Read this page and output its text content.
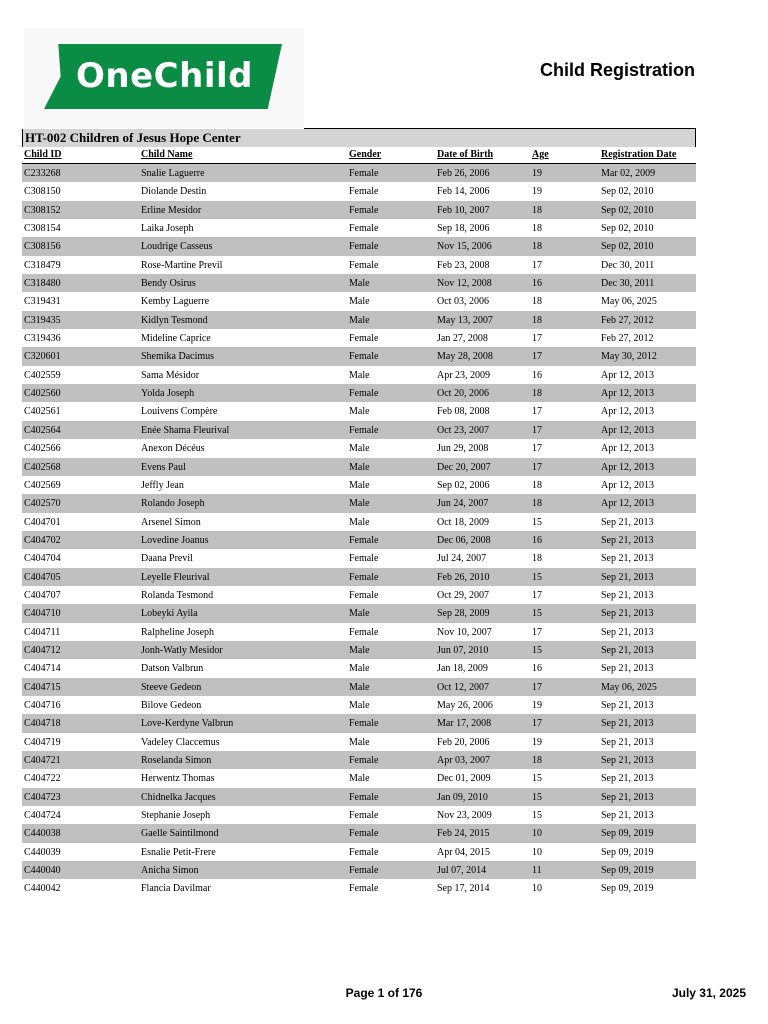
OneChild	Child Registration
HT-002 Children of Jesus Hope Center
Child ID	Child Name	Gender	Date of Birth	Age	Registration Date
C233268	Snalie Laguerre	Female	Feb 26, 2006	19	Mar 02, 2009
C308150	Diolande Destin	Female	Feb 14, 2006	19	Sep 02, 2010
C308152	Erline Mesidor	Female	Feb 10, 2007	18	Sep 02, 2010
C308154	Laika Joseph	Female	Sep 18, 2006	18	Sep 02, 2010
C308156	Loudrige Casseus	Female	Nov 15, 2006	18	Sep 02, 2010
C318479	Rose-Martine Previl	Female	Feb 23, 2008	17	Dec 30, 2011
C318480	Bendy Osirus	Male	Nov 12, 2008	16	Dec 30, 2011
C319431	Kemby Laguerre	Male	Oct 03, 2006	18	May 06, 2025
C319435	Kidlyn Tesmond	Male	May 13, 2007	18	Feb 27, 2012
C319436	Mideline Caprice	Female	Jan 27, 2008	17	Feb 27, 2012
C320601	Shemika Dacimus	Female	May 28, 2008	17	May 30, 2012
C402559	Sama Mésidor	Male	Apr 23, 2009	16	Apr 12, 2013
C402560	Yolda Joseph	Female	Oct 20, 2006	18	Apr 12, 2013
C402561	Louivens Compère	Male	Feb 08, 2008	17	Apr 12, 2013
C402564	Enée Shama Fleurival	Female	Oct 23, 2007	17	Apr 12, 2013
C402566	Anexon Décéus	Male	Jun 29, 2008	17	Apr 12, 2013
C402568	Evens Paul	Male	Dec 20, 2007	17	Apr 12, 2013
C402569	Jeffly Jean	Male	Sep 02, 2006	18	Apr 12, 2013
C402570	Rolando Joseph	Male	Jun 24, 2007	18	Apr 12, 2013
C404701	Arsenel Simon	Male	Oct 18, 2009	15	Sep 21, 2013
C404702	Lovedine Joanus	Female	Dec 06, 2008	16	Sep 21, 2013
C404704	Daana Previl	Female	Jul 24, 2007	18	Sep 21, 2013
C404705	Leyelle Fleurival	Female	Feb 26, 2010	15	Sep 21, 2013
C404707	Rolanda Tesmond	Female	Oct 29, 2007	17	Sep 21, 2013
C404710	Lobeyki Ayila	Male	Sep 28, 2009	15	Sep 21, 2013
C404711	Ralpheline Joseph	Female	Nov 10, 2007	17	Sep 21, 2013
C404712	Jonh-Watly Mesidor	Male	Jun 07, 2010	15	Sep 21, 2013
C404714	Datson Valbrun	Male	Jan 18, 2009	16	Sep 21, 2013
C404715	Steeve Gedeon	Male	Oct 12, 2007	17	May 06, 2025
C404716	Bilove Gedeon	Male	May 26, 2006	19	Sep 21, 2013
C404718	Love-Kerdyne Valbrun	Female	Mar 17, 2008	17	Sep 21, 2013
C404719	Vadeley Claccemus	Male	Feb 20, 2006	19	Sep 21, 2013
C404721	Roselanda Simon	Female	Apr 03, 2007	18	Sep 21, 2013
C404722	Herwentz Thomas	Male	Dec 01, 2009	15	Sep 21, 2013
C404723	Chidnelka Jacques	Female	Jan 09, 2010	15	Sep 21, 2013
C404724	Stephanie Joseph	Female	Nov 23, 2009	15	Sep 21, 2013
C440038	Gaelle Saintilmond	Female	Feb 24, 2015	10	Sep 09, 2019
C440039	Esnalie Petit-Frere	Female	Apr 04, 2015	10	Sep 09, 2019
C440040	Anicha Simon	Female	Jul 07, 2014	11	Sep 09, 2019
C440042	Flancia Davilmar	Female	Sep 17, 2014	10	Sep 09, 2019
Page 1 of 176	July 31, 2025
